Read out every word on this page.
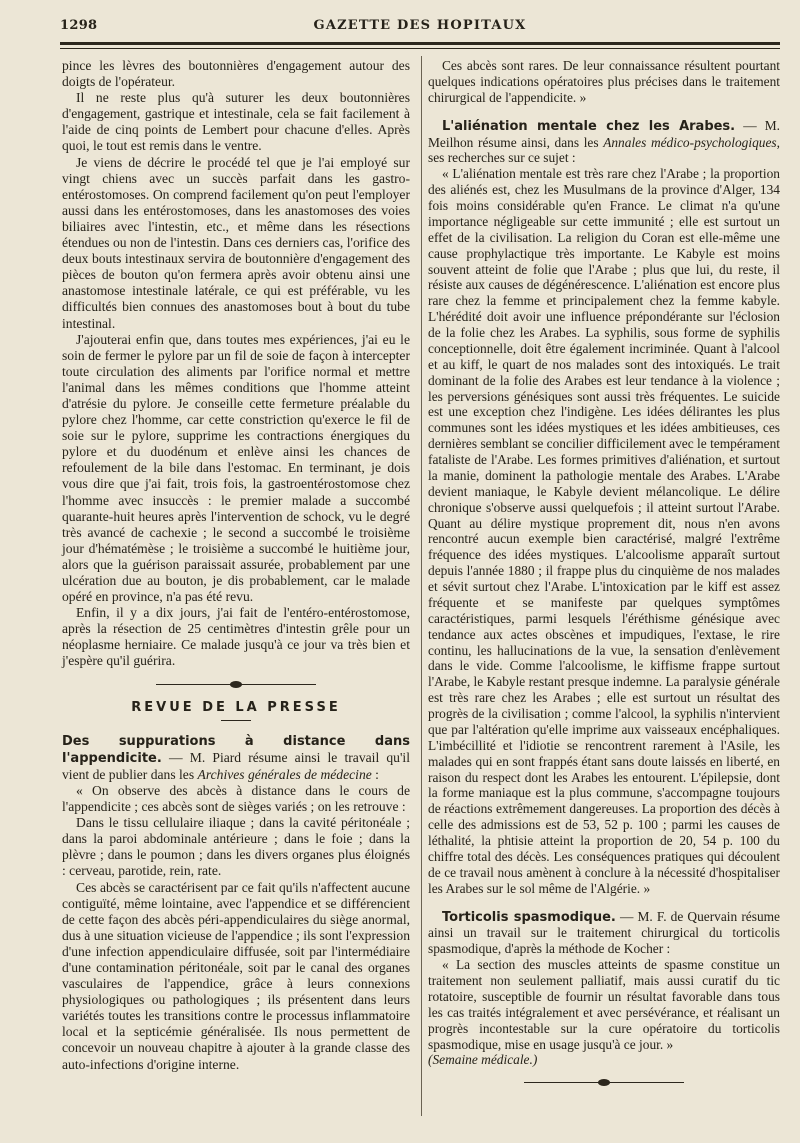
1298	GAZETTE DES HOPITAUX

pince les lèvres des boutonnières d'engagement autour des doigts de l'opérateur.

Il ne reste plus qu'à suturer les deux boutonnières d'engagement, gastrique et intestinale, cela se fait facilement à l'aide de cinq points de Lembert pour chacune d'elles. Après quoi, le tout est remis dans le ventre.

Je viens de décrire le procédé tel que je l'ai employé sur vingt chiens avec un succès parfait dans les gastro-entérostomoses. On comprend facilement qu'on peut l'employer aussi dans les entérostomoses, dans les anastomoses des voies biliaires avec l'intestin, etc., et même dans les résections étendues ou non de l'intestin. Dans ces derniers cas, l'orifice des deux bouts intestinaux servira de boutonnière d'engagement des pièces de bouton qu'on fermera après avoir obtenu ainsi une anastomose intestinale latérale, ce qui est préférable, vu les difficultés bien connues des anastomoses bout à bout du tube intestinal.

J'ajouterai enfin que, dans toutes mes expériences, j'ai eu le soin de fermer le pylore par un fil de soie de façon à intercepter toute circulation des aliments par l'orifice normal et mettre l'animal dans les mêmes conditions que l'homme atteint d'atrésie du pylore. Je conseille cette fermeture préalable du pylore chez l'homme, car cette constriction qu'exerce le fil de soie sur le pylore, supprime les contractions énergiques du pylore et du duodénum et enlève ainsi les chances de refoulement de la bile dans l'estomac. En terminant, je dois vous dire que j'ai fait, trois fois, la gastroentérostomose chez l'homme avec insuccès : le premier malade a succombé quarante-huit heures après l'intervention de schock, vu le degré très avancé de cachexie ; le second a succombé le troisième jour d'hématémèse ; le troisième a succombé le huitième jour, alors que la guérison paraissait assurée, probablement par une ulcération due au bouton, je dis probablement, car le malade opéré en province, n'a pas été revu.

Enfin, il y a dix jours, j'ai fait de l'entéro-entérostomose, après la résection de 25 centimètres d'intestin grêle pour un néoplasme herniaire. Ce malade jusqu'à ce jour va très bien et j'espère qu'il guérira.

REVUE DE LA PRESSE

Des suppurations à distance dans l'appendicite. — M. Piard résume ainsi le travail qu'il vient de publier dans les Archives générales de médecine :

« On observe des abcès à distance dans le cours de l'appendicite ; ces abcès sont de sièges variés ; on les retrouve :

Dans le tissu cellulaire iliaque ; dans la cavité péritonéale ; dans la paroi abdominale antérieure ; dans le foie ; dans la plèvre ; dans le poumon ; dans les divers organes plus éloignés : cerveau, parotide, rein, rate.

Ces abcès se caractérisent par ce fait qu'ils n'affectent aucune contiguïté, même lointaine, avec l'appendice et se différencient de cette façon des abcès péri-appendiculaires du siège anormal, dus à une situation vicieuse de l'appendice ; ils sont l'expression d'une infection appendiculaire diffusée, soit par l'intermédiaire d'une contamination péritonéale, soit par le canal des organes vasculaires de l'appendice, grâce à leurs connexions physiologiques ou pathologiques ; ils présentent dans leurs variétés toutes les transitions contre le processus inflammatoire local et la septicémie généralisée. Ils nous permettent de concevoir un nouveau chapitre à ajouter à la grande classe des auto-infections d'origine interne.

Ces abcès sont rares. De leur connaissance résultent pourtant quelques indications opératoires plus précises dans le traitement chirurgical de l'appendicite. »

L'aliénation mentale chez les Arabes. — M. Meilhon résume ainsi, dans les Annales médico-psychologiques, ses recherches sur ce sujet :

« L'aliénation mentale est très rare chez l'Arabe ; la proportion des aliénés est, chez les Musulmans de la province d'Alger, 134 fois moins considérable qu'en France. Le climat n'a qu'une importance négligeable sur cette immunité ; elle est surtout un effet de la civilisation. La religion du Coran est elle-même une cause prophylactique très importante. Le Kabyle est moins souvent atteint de folie que l'Arabe ; plus que lui, du reste, il résiste aux causes de dégénérescence. L'aliénation est encore plus rare chez la femme et principalement chez la femme kabyle. L'hérédité doit avoir une influence prépondérante sur l'éclosion de la folie chez les Arabes. La syphilis, sous forme de syphilis conceptionnelle, doit être également incriminée. Quant à l'alcool et au kiff, le quart de nos malades sont des intoxiqués. Le trait dominant de la folie des Arabes est leur tendance à la violence ; les perversions génésiques sont aussi très fréquentes. Le suicide est une exception chez l'indigène. Les idées délirantes les plus communes sont les idées mystiques et les idées ambitieuses, ces dernières semblant se concilier difficilement avec le tempérament fataliste de l'Arabe. Les formes primitives d'aliénation, et surtout la manie, dominent la pathologie mentale des Arabes. L'Arabe devient maniaque, le Kabyle devient mélancolique. Le délire chronique s'observe aussi quelquefois ; il atteint surtout l'Arabe. Quant au délire mystique proprement dit, nous n'en avons rencontré aucun exemple bien caractérisé, malgré l'extrême fréquence des idées mystiques. L'alcoolisme apparaît surtout depuis l'année 1880 ; il frappe plus du cinquième de nos malades et sévit surtout chez l'Arabe. L'intoxication par le kiff est assez fréquente et se manifeste par quelques symptômes caractéristiques, parmi lesquels l'éréthisme génésique avec tendance aux actes obscènes et impudiques, l'extase, le rire continu, les hallucinations de la vue, la sensation d'enlèvement dans le vide. Comme l'alcoolisme, le kiffisme frappe surtout l'Arabe, le Kabyle restant presque indemne. La paralysie générale est très rare chez les Arabes ; elle est surtout un résultat des progrès de la civilisation ; comme l'alcool, la syphilis n'intervient que par l'altération qu'elle imprime aux vaisseaux encéphaliques. L'imbécillité et l'idiotie se rencontrent rarement à l'Asile, les malades qui en sont frappés étant sans doute laissés en liberté, en raison du respect dont les Arabes les entourent. L'épilepsie, dont la forme maniaque est la plus commune, s'accompagne toujours de réactions extrêmement dangereuses. La proportion des décès à celle des admissions est de 53, 52 p. 100 ; parmi les causes de léthalité, la phtisie atteint la proportion de 20, 54 p. 100 du chiffre total des décès. Les conséquences pratiques qui découlent de ce travail nous amènent à conclure à la nécessité d'hospitaliser les Arabes sur le sol même de l'Algérie. »

Torticolis spasmodique. — M. F. de Quervain résume ainsi un travail sur le traitement chirurgical du torticolis spasmodique, d'après la méthode de Kocher :

« La section des muscles atteints de spasme constitue un traitement non seulement palliatif, mais aussi curatif du tic rotatoire, susceptible de fournir un résultat favorable dans tous les cas traités intégralement et avec persévérance, et réalisant un progrès incontestable sur la cure opératoire du torticolis spasmodique, mise en usage jusqu'à ce jour. »

(Semaine médicale.)
